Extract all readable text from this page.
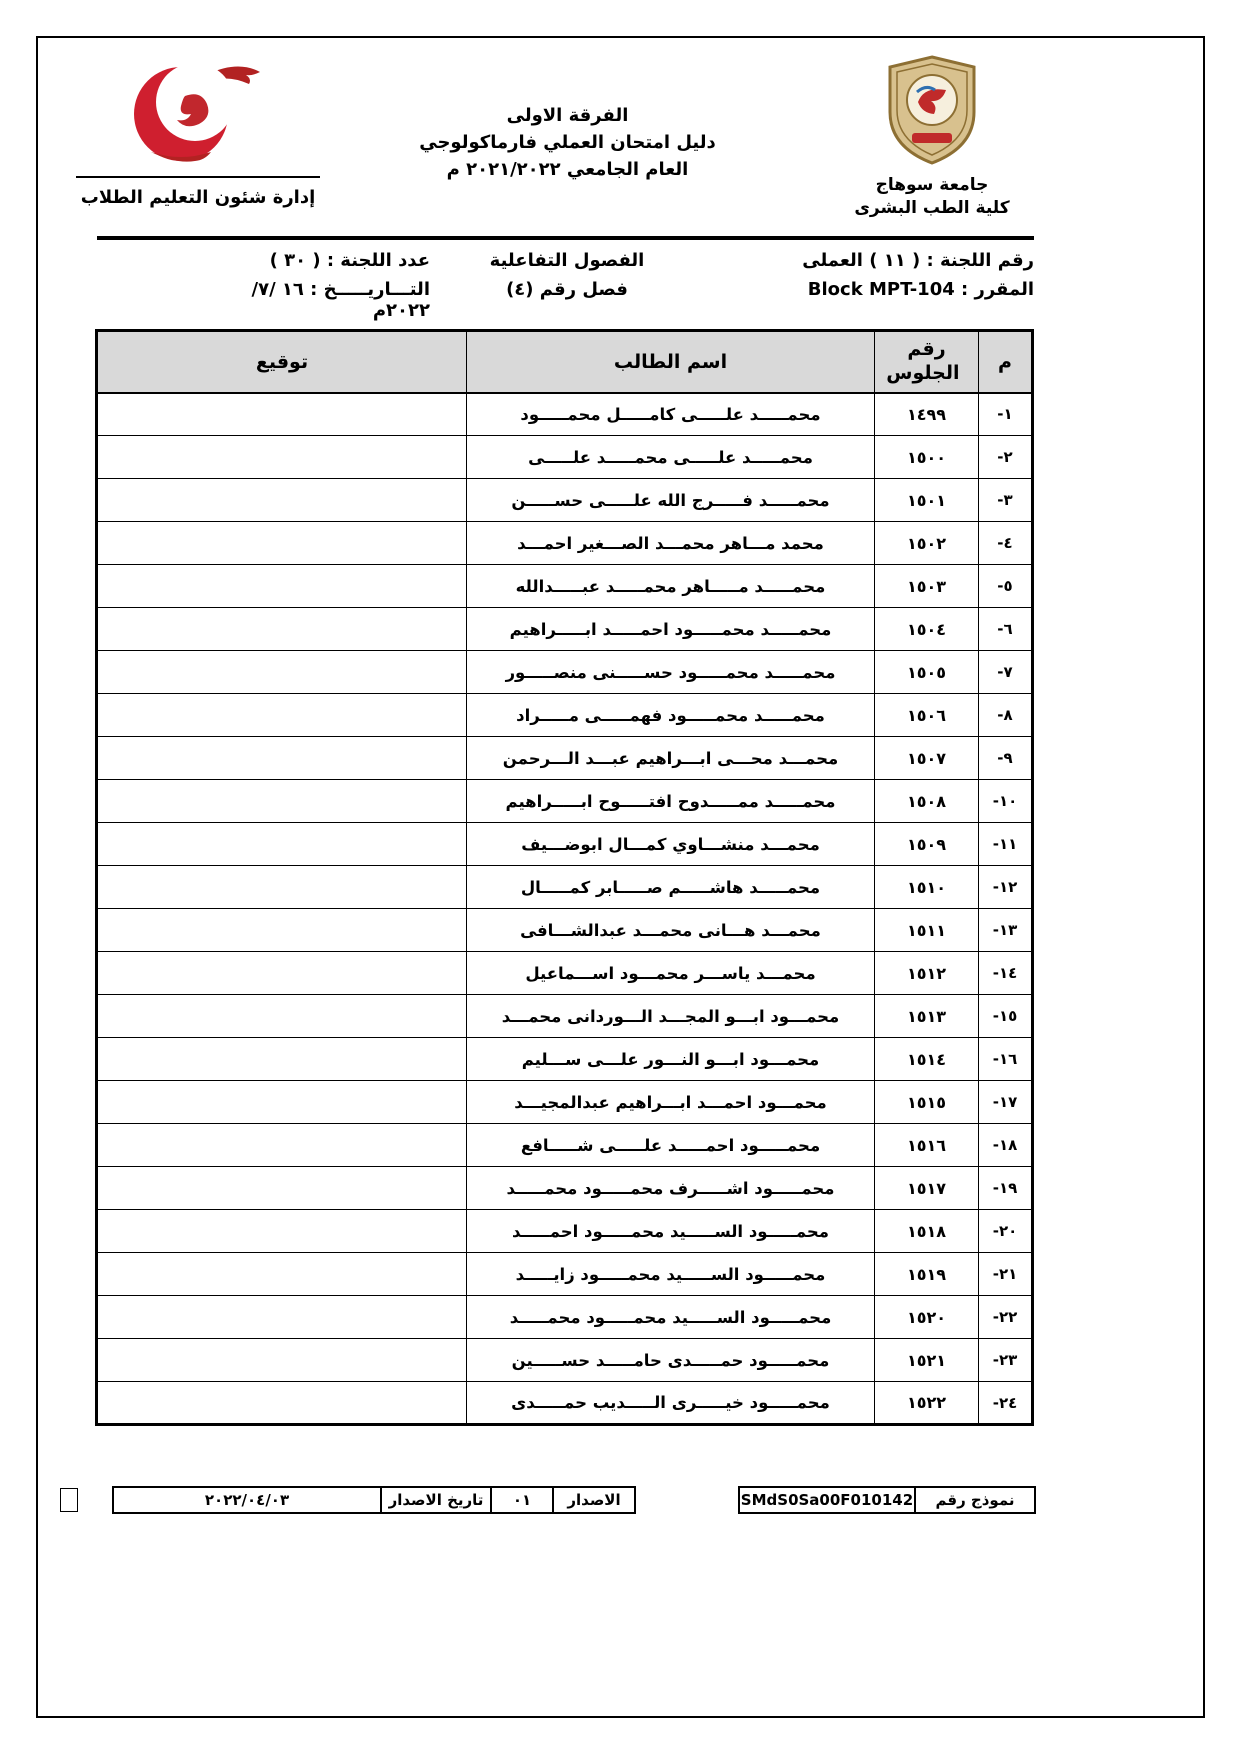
جامعة سوهاج
كلية الطب البشرى
الفرقة الاولى
دليل امتحان العملي فارماكولوجي
العام الجامعي ٢٠٢١/٢٠٢٢ م
إدارة شئون التعليم الطلاب
رقم اللجنة : ( ١١ ) العملى
الفصول التفاعلية
عدد اللجنة : ( ٣٠ )
المقرر : Block MPT-104
فصل رقم (٤)
التـــاريـــــخ : ١٦ /٧/ ٢٠٢٢م
م	رقم الجلوس	اسم الطالب	توقيع
١-	١٤٩٩	محمـــــد علـــــى كامـــــل محمـــــود	
٢-	١٥٠٠	محمـــــد علـــــى محمـــــد علـــــى	
٣-	١٥٠١	محمـــــد فـــــرج الله علـــــى حســـــن	
٤-	١٥٠٢	محمد مـــاهر محمـــد الصـــغير احمـــد	
٥-	١٥٠٣	محمـــــد مـــــاهر محمـــــد عبـــــدالله	
٦-	١٥٠٤	محمـــــد محمـــــود احمـــــد ابـــــراهيم	
٧-	١٥٠٥	محمـــــد محمـــــود حســـــنى منصـــــور	
٨-	١٥٠٦	محمـــــد محمـــــود فهمـــــى مـــــراد	
٩-	١٥٠٧	محمـــد محـــى ابـــراهيم عبـــد الـــرحمن	
١٠-	١٥٠٨	محمـــــد ممـــــدوح افتـــــوح ابـــــراهيم	
١١-	١٥٠٩	محمـــد منشـــاوي كمـــال ابوضـــيف	
١٢-	١٥١٠	محمـــــد هاشـــــم صـــــابر كمـــــال	
١٣-	١٥١١	محمـــد هـــانى محمـــد عبدالشـــافى	
١٤-	١٥١٢	محمـــد ياســـر محمـــود اســـماعيل	
١٥-	١٥١٣	محمـــود ابـــو المجـــد الـــوردانى محمـــد	
١٦-	١٥١٤	محمـــود ابـــو النـــور علـــى ســـليم	
١٧-	١٥١٥	محمـــود احمـــد ابـــراهيم عبدالمجيـــد	
١٨-	١٥١٦	محمـــــود احمـــــد علـــــى شـــــافع	
١٩-	١٥١٧	محمـــــود اشـــــرف محمـــــود محمـــــد	
٢٠-	١٥١٨	محمـــــود الســـــيد محمـــــود احمـــــد	
٢١-	١٥١٩	محمـــــود الســـــيد محمـــــود زايـــــد	
٢٢-	١٥٢٠	محمـــــود الســـــيد محمـــــود محمـــــد	
٢٣-	١٥٢١	محمـــــود حمـــــدى حامـــــد حســـــين	
٢٤-	١٥٢٢	محمـــــود خيـــــرى الـــــديب حمـــــدى	
نموذج رقم
SMdS0Sa00F010142
الاصدار
٠١
تاريخ الاصدار
٢٠٢٢/٠٤/٠٣
